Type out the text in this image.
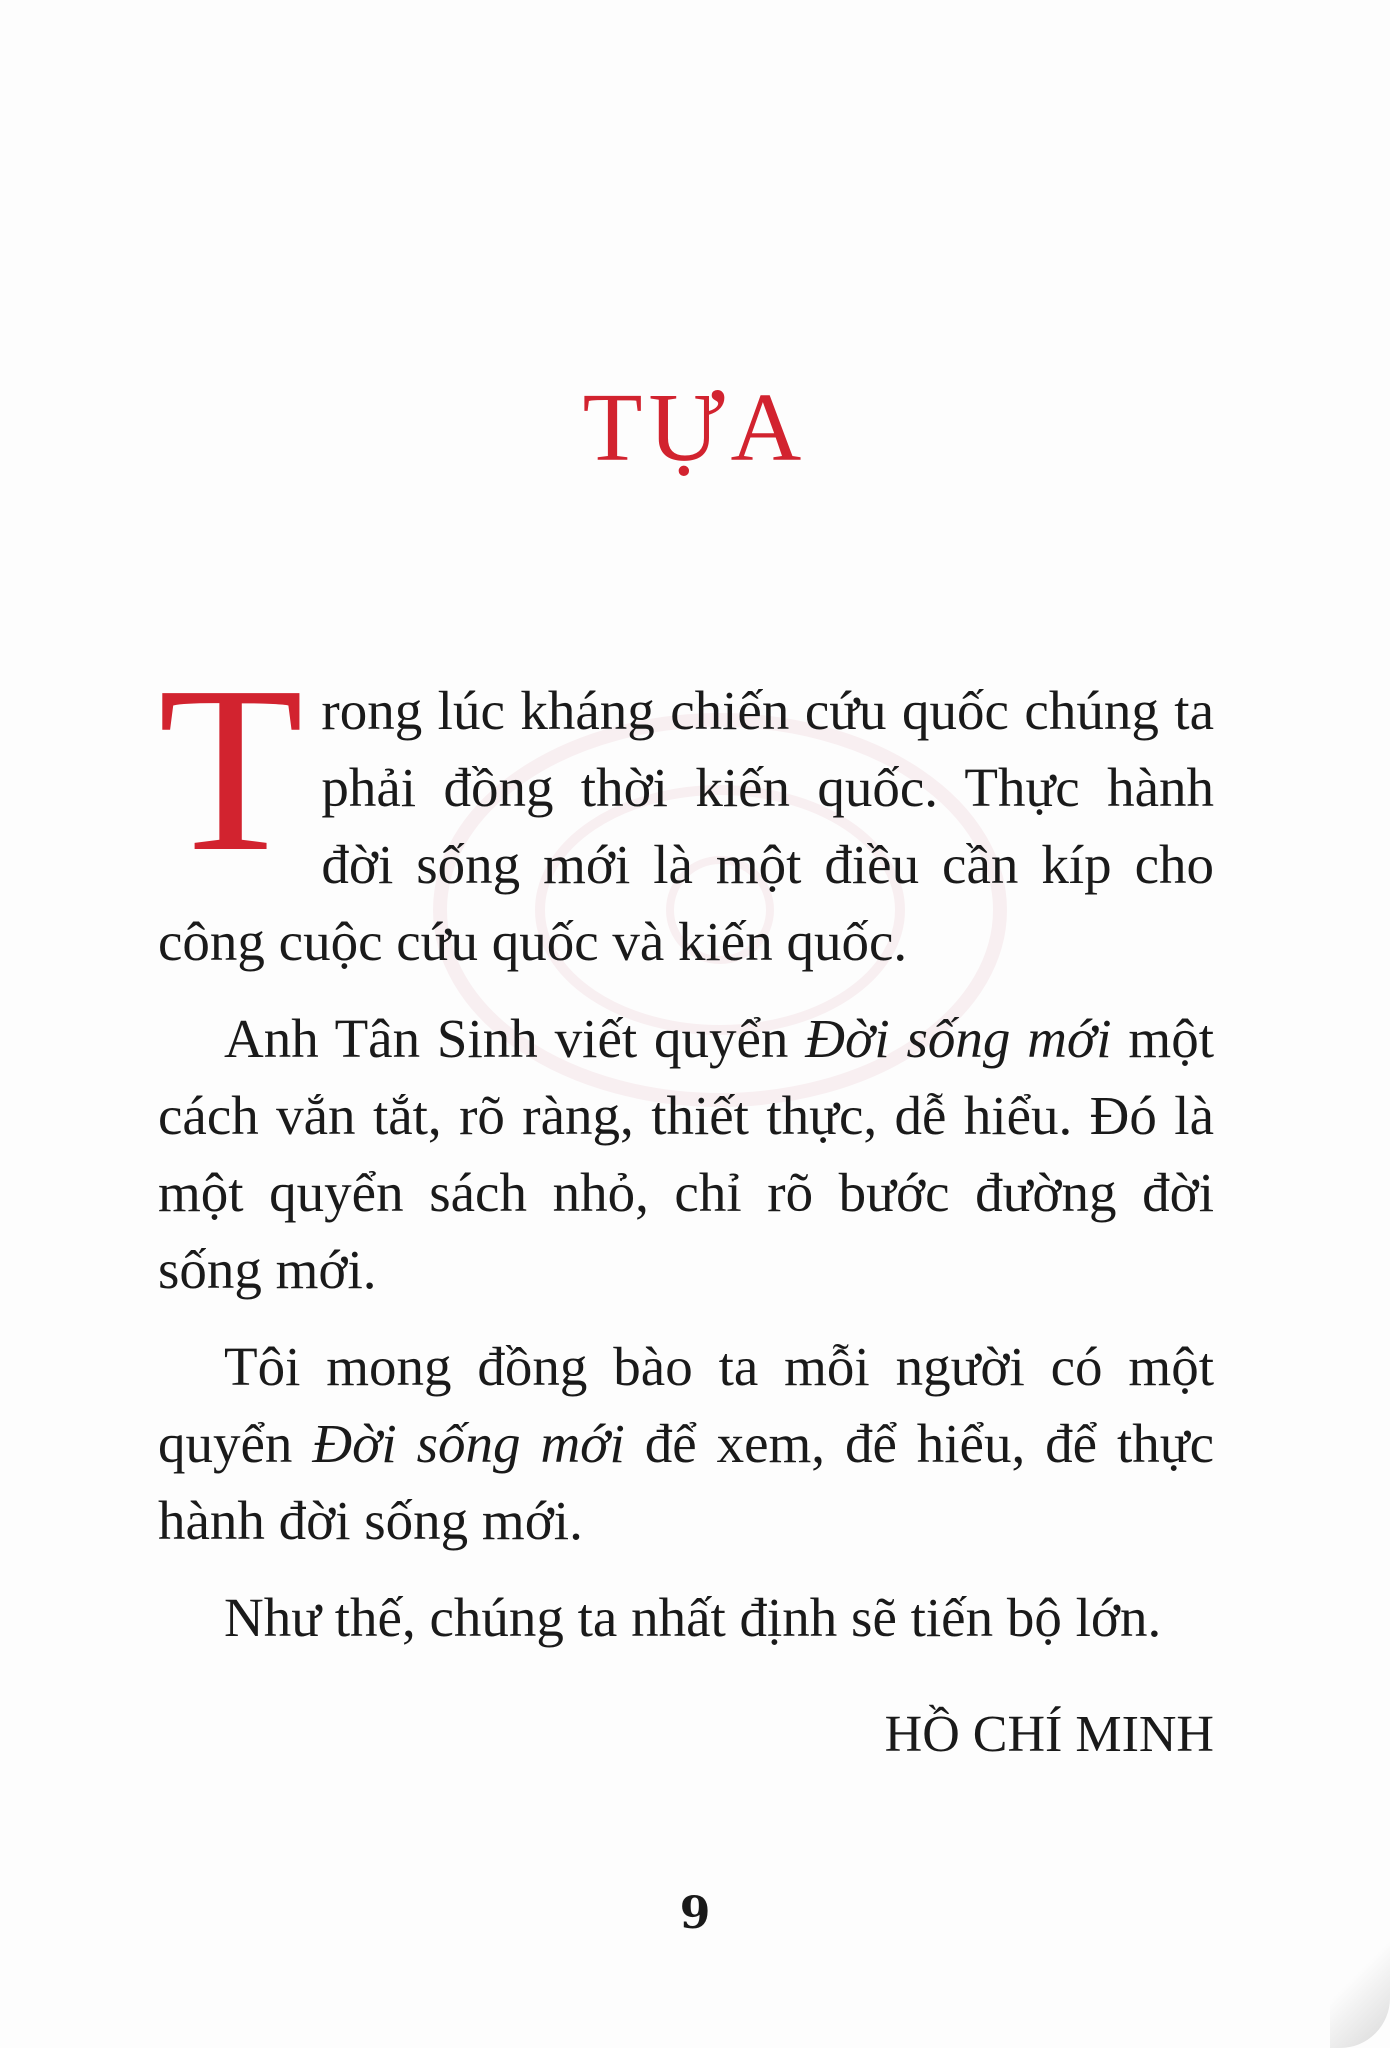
TỰA

Trong lúc kháng chiến cứu quốc chúng ta phải đồng thời kiến quốc. Thực hành đời sống mới là một điều cần kíp cho công cuộc cứu quốc và kiến quốc.

Anh Tân Sinh viết quyển Đời sống mới một cách vắn tắt, rõ ràng, thiết thực, dễ hiểu. Đó là một quyển sách nhỏ, chỉ rõ bước đường đời sống mới.

Tôi mong đồng bào ta mỗi người có một quyển Đời sống mới để xem, để hiểu, để thực hành đời sống mới.

Như thế, chúng ta nhất định sẽ tiến bộ lớn.

HỒ CHÍ MINH
9
